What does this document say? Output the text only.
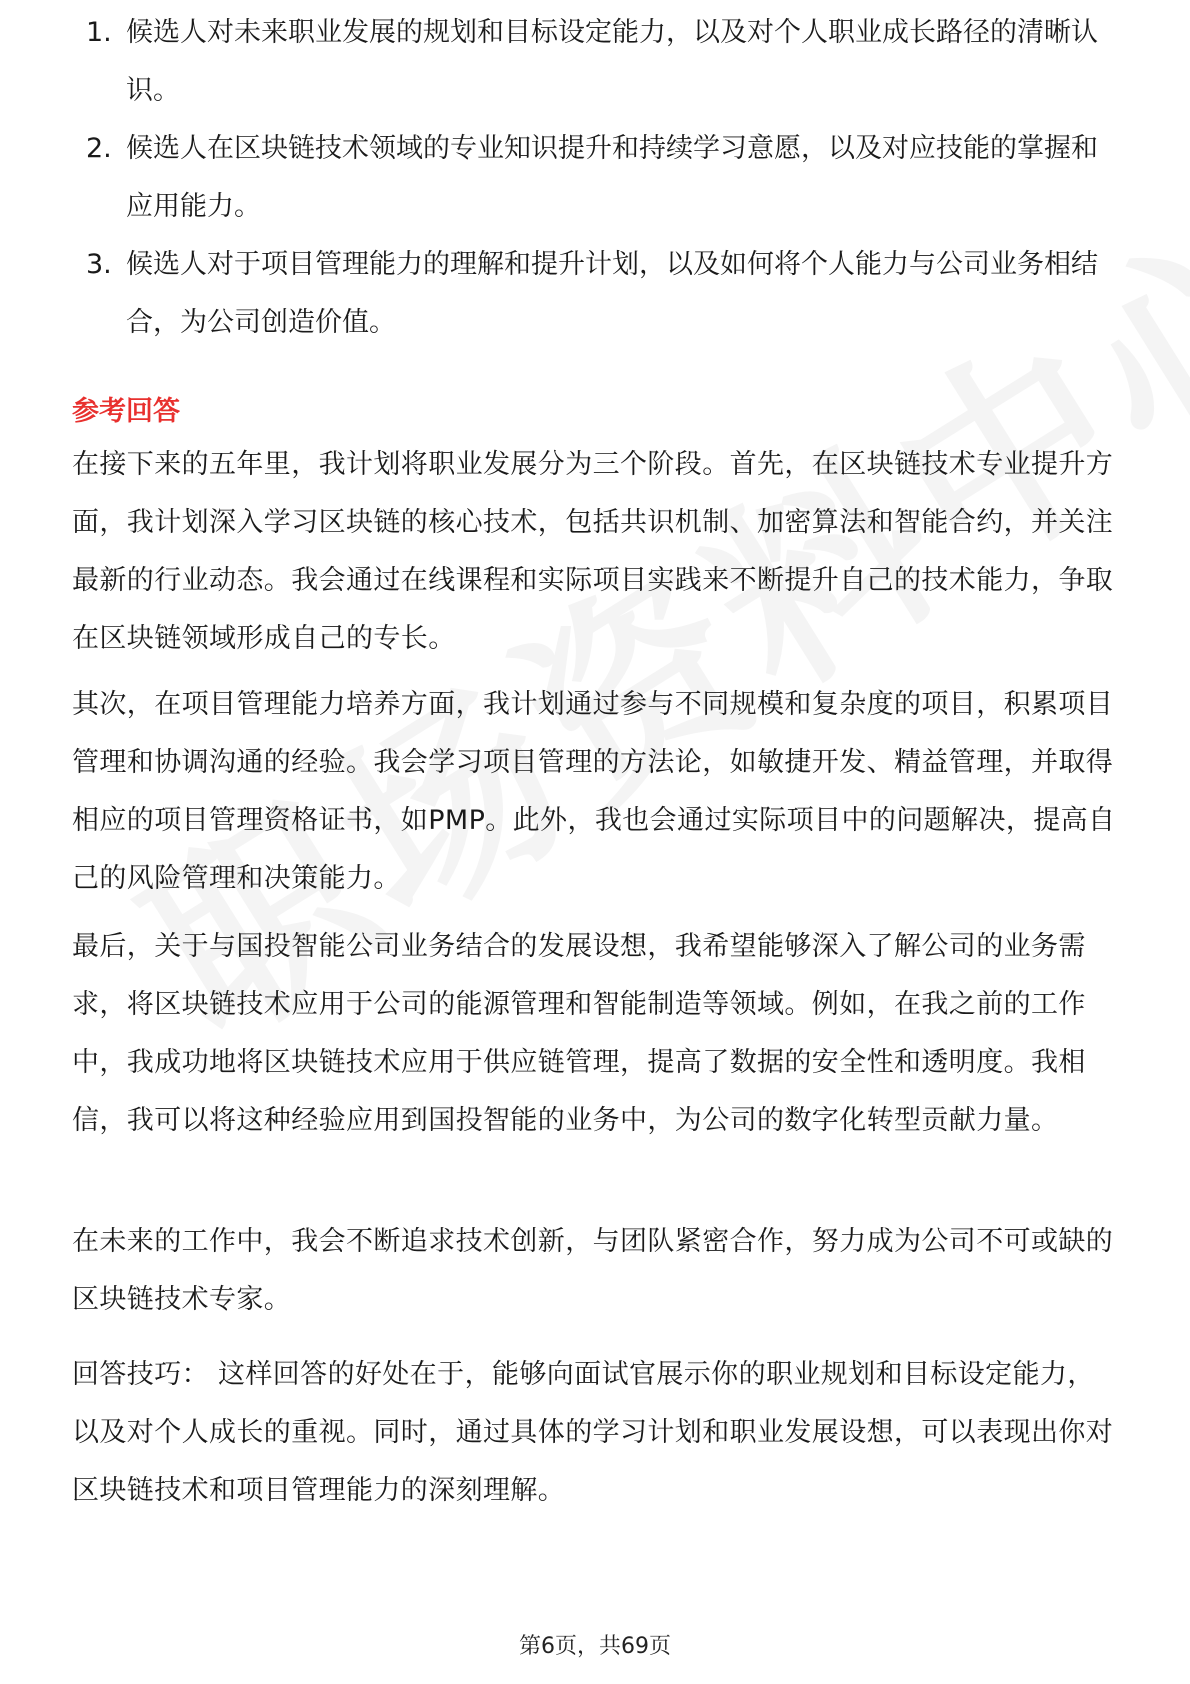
1. 候选人对未来职业发展的规划和目标设定能力，以及对个人职业成长路径的清晰认识。
2. 候选人在区块链技术领域的专业知识提升和持续学习意愿，以及对应技能的掌握和应用能力。
3. 候选人对于项目管理能力的理解和提升计划，以及如何将个人能力与公司业务相结合，为公司创造价值。
参考回答

在接下来的五年里，我计划将职业发展分为三个阶段。首先，在区块链技术专业提升方面，我计划深入学习区块链的核心技术，包括共识机制、加密算法和智能合约，并关注最新的行业动态。我会通过在线课程和实际项目实践来不断提升自己的技术能力，争取在区块链领域形成自己的专长。

其次，在项目管理能力培养方面，我计划通过参与不同规模和复杂度的项目，积累项目管理和协调沟通的经验。我会学习项目管理的方法论，如敏捷开发、精益管理，并取得相应的项目管理资格证书，如PMP。此外，我也会通过实际项目中的问题解决，提高自己的风险管理和决策能力。

最后，关于与国投智能公司业务结合的发展设想，我希望能够深入了解公司的业务需求，将区块链技术应用于公司的能源管理和智能制造等领域。例如，在我之前的工作中，我成功地将区块链技术应用于供应链管理，提高了数据的安全性和透明度。我相信，我可以将这种经验应用到国投智能的业务中，为公司的数字化转型贡献力量。

在未来的工作中，我会不断追求技术创新，与团队紧密合作，努力成为公司不可或缺的区块链技术专家。

回答技巧： 这样回答的好处在于，能够向面试官展示你的职业规划和目标设定能力，以及对个人成长的重视。同时，通过具体的学习计划和职业发展设想，可以表现出你对区块链技术和项目管理能力的深刻理解。

第6页，共69页
